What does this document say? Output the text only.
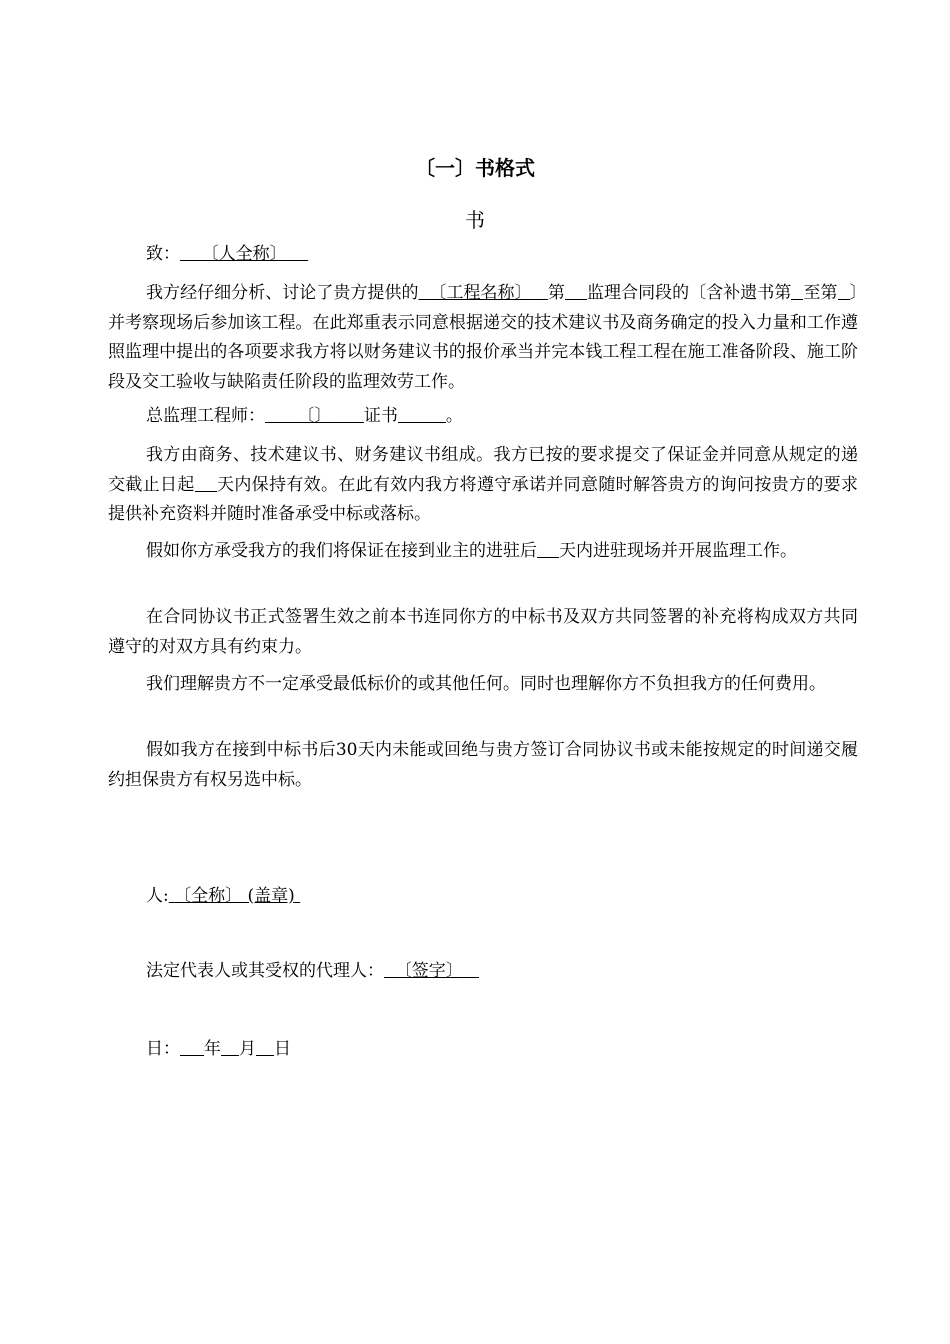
〔一〕书格式
书
致： 〔人全称〕

我方经仔细分析、讨论了贵方提供的 〔工程名称〕 第 监理合同段的〔含补遗书第 至第 〕并考察现场后参加该工程。在此郑重表示同意根据递交的技术建议书及商务确定的投入力量和工作遵照监理中提出的各项要求我方将以财务建议书的报价承当并完本钱工程工程在施工准备阶段、施工阶段及交工验收与缺陷责任阶段的监理效劳工作。

总监理工程师： 〔〕 证书	。

我方由商务、技术建议书、财务建议书组成。我方已按的要求提交了保证金并同意从规定的递交截止日起 天内保持有效。在此有效内我方将遵守承诺并同意随时解答贵方的询问按贵方的要求提供补充资料并随时准备承受中标或落标。

假如你方承受我方的我们将保证在接到业主的进驻后 天内进驻现场并开展监理工作。

在合同协议书正式签署生效之前本书连同你方的中标书及双方共同签署的补充将构成双方共同遵守的对双方具有约束力。

我们理解贵方不一定承受最低标价的或其他任何。同时也理解你方不负担我方的任何费用。

假如我方在接到中标书后30天内未能或回绝与贵方签订合同协议书或未能按规定的时间递交履约担保贵方有权另选中标。

人: 〔全称〕 (盖章)
法定代表人或其受权的代理人： 〔签字〕
日： 年 月 日
